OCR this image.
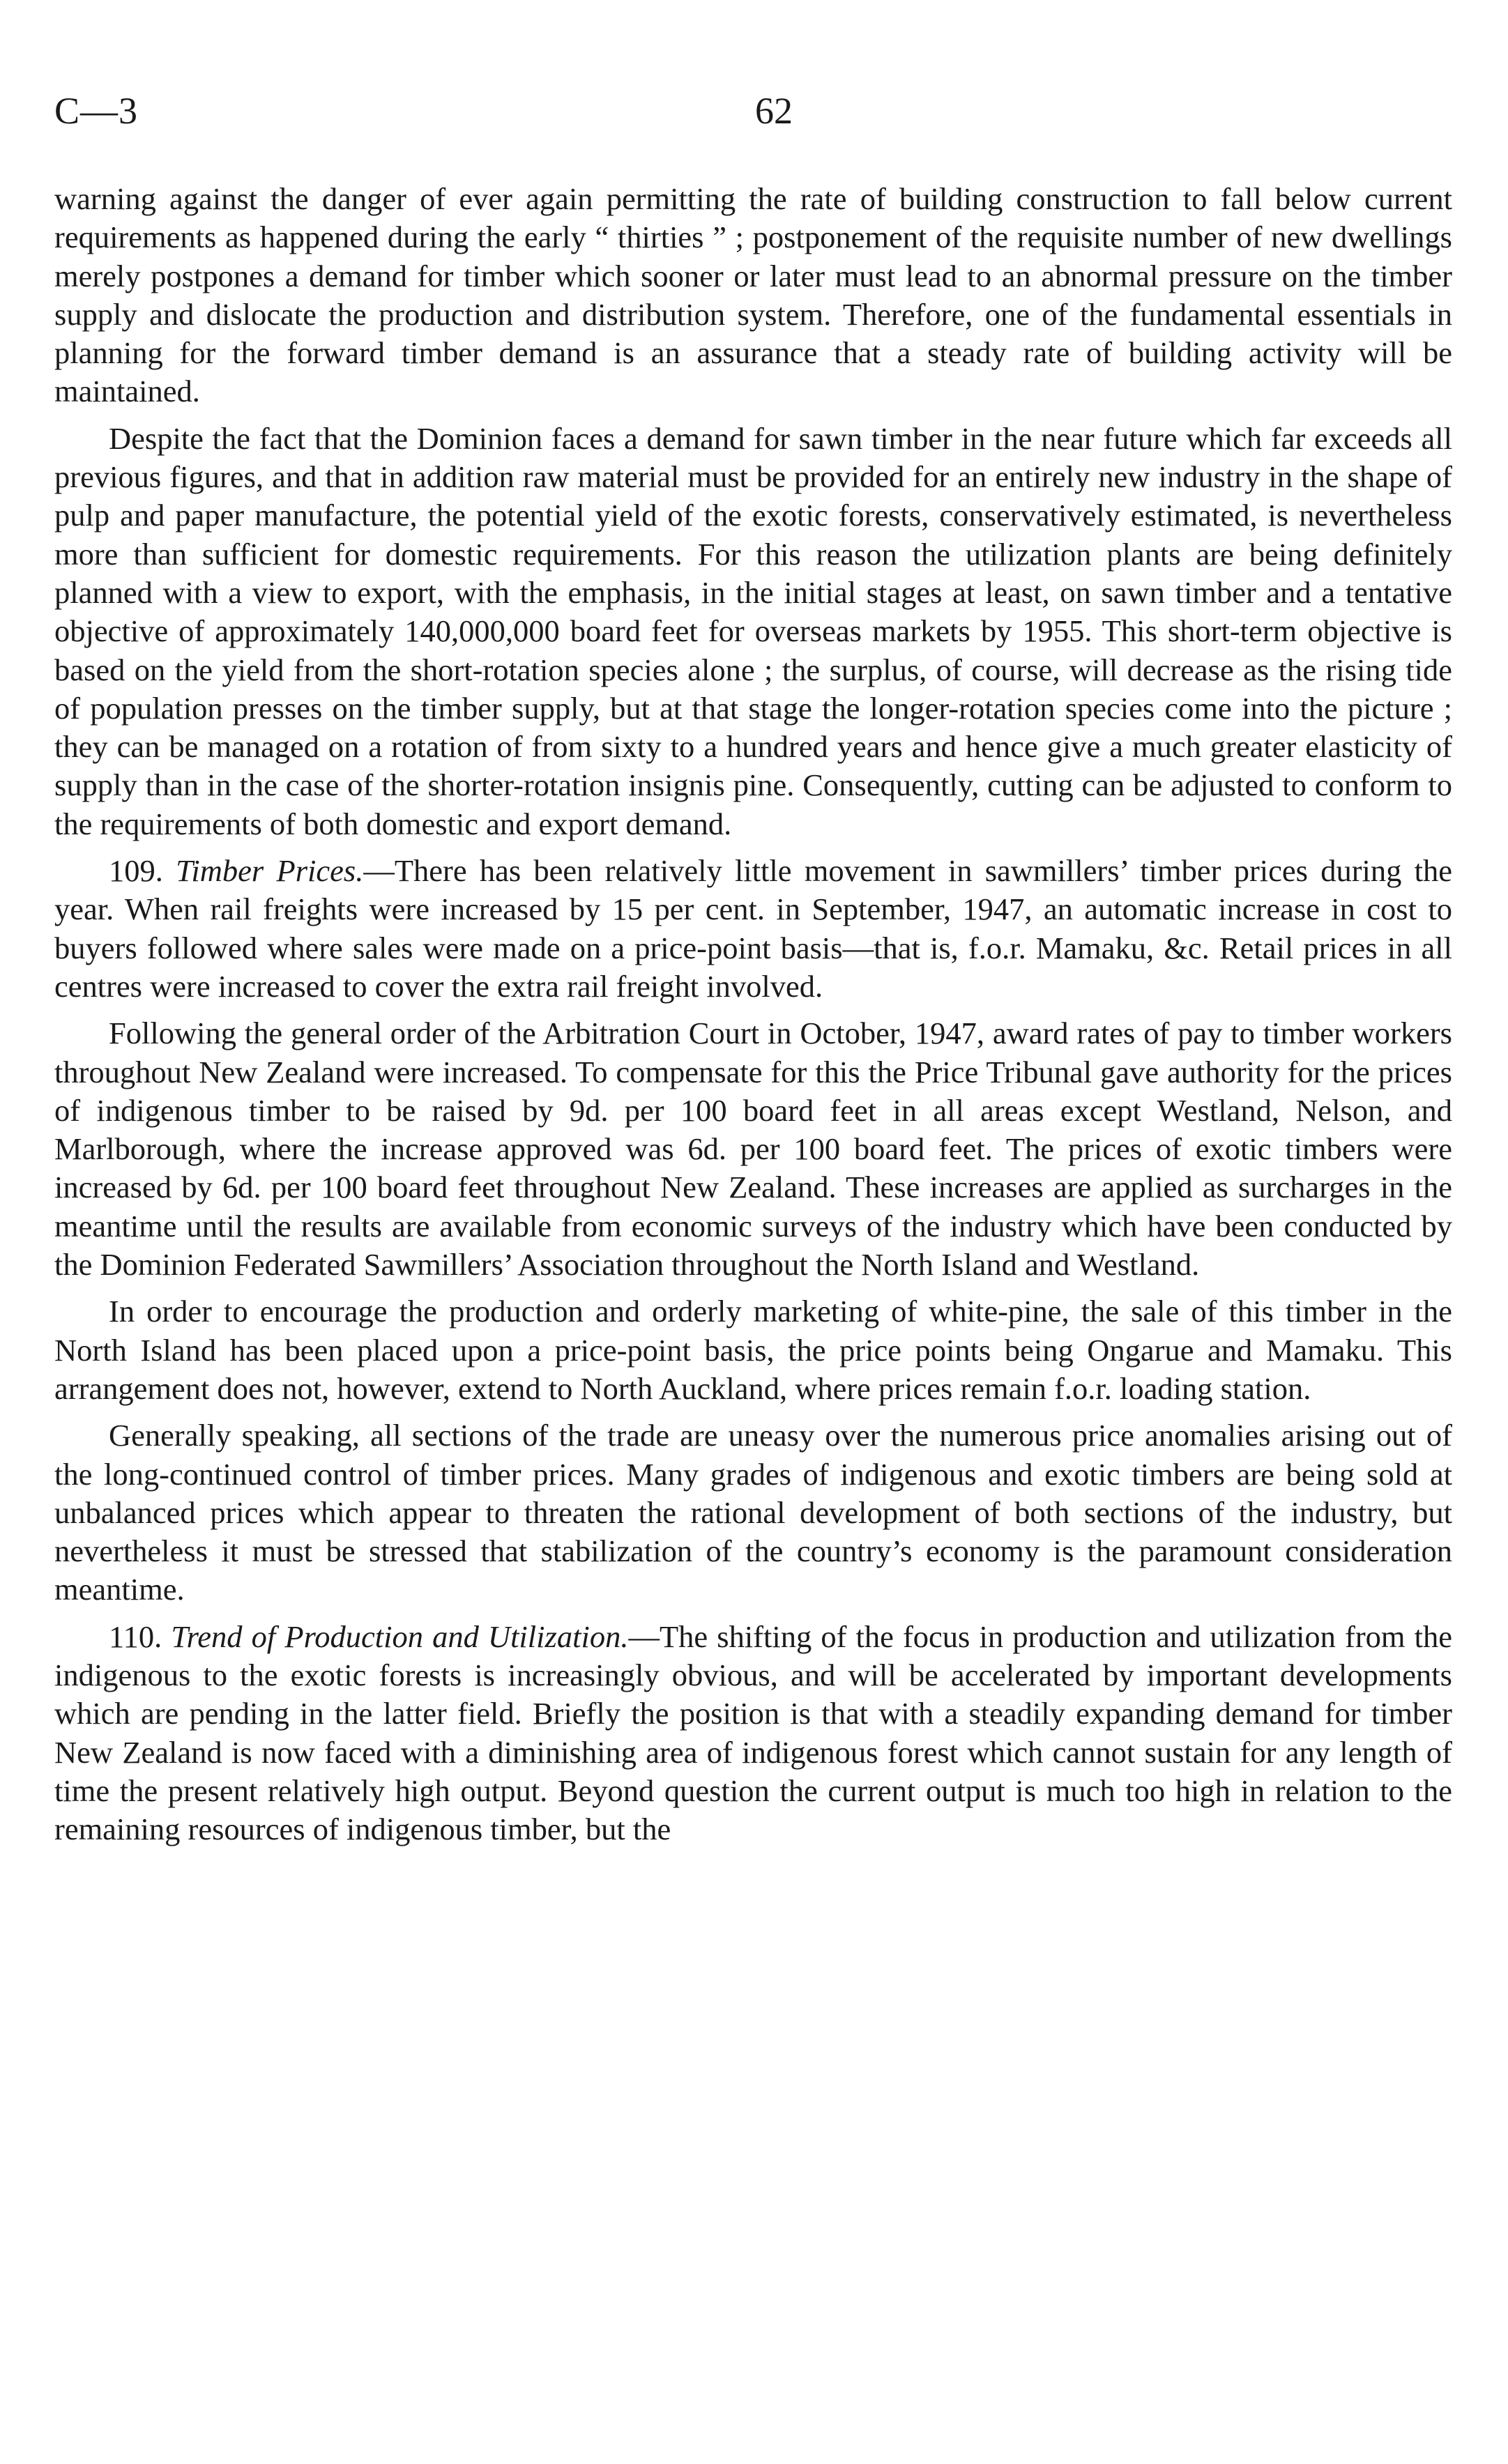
C—3	62

warning against the danger of ever again permitting the rate of building construction to fall below current requirements as happened during the early “ thirties ” ; postponement of the requisite number of new dwellings merely postpones a demand for timber which sooner or later must lead to an abnormal pressure on the timber supply and dislocate the production and distribution system. Therefore, one of the fundamental essentials in planning for the forward timber demand is an assurance that a steady rate of building activity will be maintained.

Despite the fact that the Dominion faces a demand for sawn timber in the near future which far exceeds all previous figures, and that in addition raw material must be provided for an entirely new industry in the shape of pulp and paper manufacture, the potential yield of the exotic forests, conservatively estimated, is nevertheless more than sufficient for domestic requirements. For this reason the utilization plants are being definitely planned with a view to export, with the emphasis, in the initial stages at least, on sawn timber and a tentative objective of approximately 140,000,000 board feet for overseas markets by 1955. This short-term objective is based on the yield from the short-rotation species alone ; the surplus, of course, will decrease as the rising tide of population presses on the timber supply, but at that stage the longer-rotation species come into the picture ; they can be managed on a rotation of from sixty to a hundred years and hence give a much greater elasticity of supply than in the case of the shorter-rotation insignis pine. Consequently, cutting can be adjusted to conform to the requirements of both domestic and export demand.

109. Timber Prices.—There has been relatively little movement in sawmillers’ timber prices during the year. When rail freights were increased by 15 per cent. in September, 1947, an automatic increase in cost to buyers followed where sales were made on a price-point basis—that is, f.o.r. Mamaku, &c. Retail prices in all centres were increased to cover the extra rail freight involved.

Following the general order of the Arbitration Court in October, 1947, award rates of pay to timber workers throughout New Zealand were increased. To compensate for this the Price Tribunal gave authority for the prices of indigenous timber to be raised by 9d. per 100 board feet in all areas except Westland, Nelson, and Marlborough, where the increase approved was 6d. per 100 board feet. The prices of exotic timbers were increased by 6d. per 100 board feet throughout New Zealand. These increases are applied as surcharges in the meantime until the results are available from economic surveys of the industry which have been conducted by the Dominion Federated Sawmillers’ Association throughout the North Island and Westland.

In order to encourage the production and orderly marketing of white-pine, the sale of this timber in the North Island has been placed upon a price-point basis, the price points being Ongarue and Mamaku. This arrangement does not, however, extend to North Auckland, where prices remain f.o.r. loading station.

Generally speaking, all sections of the trade are uneasy over the numerous price anomalies arising out of the long-continued control of timber prices. Many grades of indigenous and exotic timbers are being sold at unbalanced prices which appear to threaten the rational development of both sections of the industry, but nevertheless it must be stressed that stabilization of the country’s economy is the paramount consideration meantime.

110. Trend of Production and Utilization.—The shifting of the focus in production and utilization from the indigenous to the exotic forests is increasingly obvious, and will be accelerated by important developments which are pending in the latter field. Briefly the position is that with a steadily expanding demand for timber New Zealand is now faced with a diminishing area of indigenous forest which cannot sustain for any length of time the present relatively high output. Beyond question the current output is much too high in relation to the remaining resources of indigenous timber, but the
